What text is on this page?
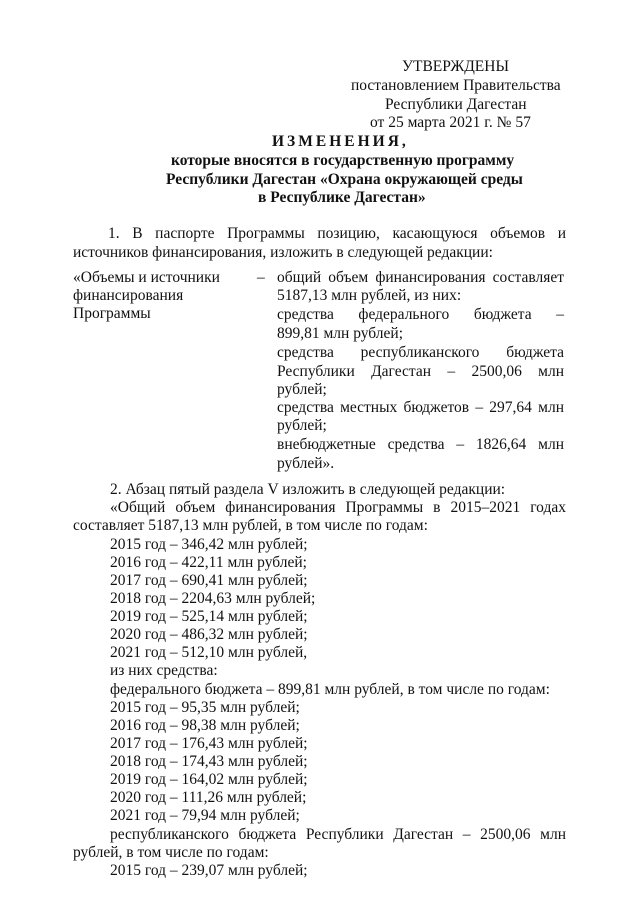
УТВЕРЖДЕНЫ
постановлением Правительства
Республики Дагестан
от 25 марта 2021 г. № 57
ИЗМЕНЕНИЯ,
которые вносятся в государственную программу
Республики Дагестан «Охрана окружающей среды
в Республике Дагестан»
1. В паспорте Программы позицию, касающуюся объемов и
источников финансирования, изложить в следующей редакции:
«Объемы и источники
финансирования
Программы
– общий объем финансирования составляет
5187,13 млн рублей, из них:
средства федерального бюджета –
899,81 млн рублей;
средства республиканского бюджета
Республики Дагестан – 2500,06 млн
рублей;
средства местных бюджетов – 297,64 млн
рублей;
внебюджетные средства – 1826,64 млн
рублей».
2. Абзац пятый раздела V изложить в следующей редакции:
«Общий объем финансирования Программы в 2015–2021 годах
составляет 5187,13 млн рублей, в том числе по годам:
2015 год – 346,42 млн рублей;
2016 год – 422,11 млн рублей;
2017 год – 690,41 млн рублей;
2018 год – 2204,63 млн рублей;
2019 год – 525,14 млн рублей;
2020 год – 486,32 млн рублей;
2021 год – 512,10 млн рублей,
из них средства:
федерального бюджета – 899,81 млн рублей, в том числе по годам:
2015 год – 95,35 млн рублей;
2016 год – 98,38 млн рублей;
2017 год – 176,43 млн рублей;
2018 год – 174,43 млн рублей;
2019 год – 164,02 млн рублей;
2020 год – 111,26 млн рублей;
2021 год – 79,94 млн рублей;
республиканского бюджета Республики Дагестан – 2500,06 млн
рублей, в том числе по годам:
2015 год – 239,07 млн рублей;
